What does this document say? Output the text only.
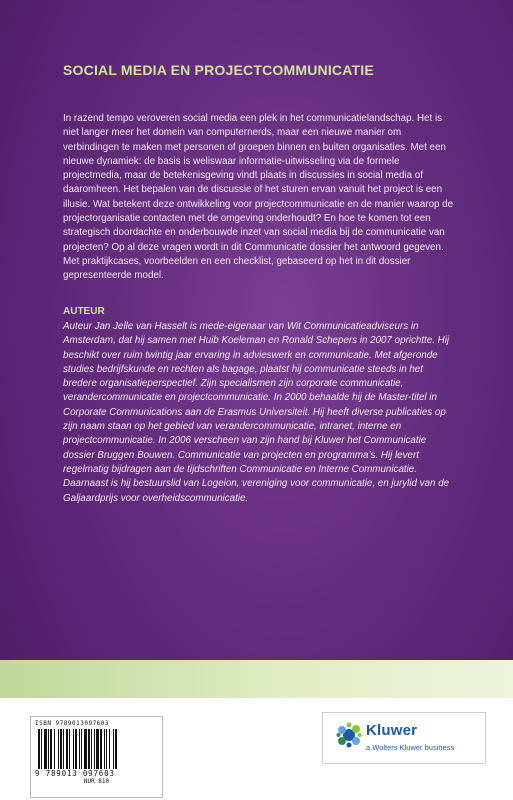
SOCIAL MEDIA EN PROJECTCOMMUNICATIE

In razend tempo veroveren social media een plek in het communicatielandschap. Het is niet langer meer het domein van computernerds, maar een nieuwe manier om verbindingen te maken met personen of groepen binnen en buiten organisaties. Met een nieuwe dynamiek: de basis is weliswaar informatie-uitwisseling via de formele projectmedia, maar de betekenisgeving vindt plaats in discussies in social media of daaromheen. Het bepalen van de discussie of het sturen ervan vanuit het project is een illusie. Wat betekent deze ontwikkeling voor projectcommunicatie en de manier waarop de projectorganisatie contacten met de omgeving onderhoudt? En hoe te komen tot een strategisch doordachte en onderbouwde inzet van social media bij de communicatie van projecten? Op al deze vragen wordt in dit Communicatie dossier het antwoord gegeven. Met praktijkcases, voorbeelden en een checklist, gebaseerd op het in dit dossier gepresenteerde model.

AUTEUR

Auteur Jan Jelle van Hasselt is mede-eigenaar van Wit Communicatieadviseurs in Amsterdam, dat hij samen met Huib Koeleman en Ronald Schepers in 2007 oprichtte. Hij beschikt over ruim twintig jaar ervaring in advieswerk en communicatie. Met afgeronde studies bedrijfskunde en rechten als bagage, plaatst hij communicatie steeds in het bredere organisatieperspectief. Zijn specialismen zijn corporate communicatie, verandercommunicatie en projectcommunicatie. In 2000 behaalde hij de Master-titel in Corporate Communications aan de Erasmus Universiteit. Hij heeft diverse publicaties op zijn naam staan op het gebied van verandercommunicatie, intranet, interne en projectcommunicatie. In 2006 verscheen van zijn hand bij Kluwer het Communicatie dossier Bruggen Bouwen. Communicatie van projecten en programma’s. Hij levert regelmatig bijdragen aan de tijdschriften Communicatie en Interne Communicatie. Daarnaast is hij bestuurslid van Logeion, vereniging voor communicatie, en jurylid van de Galjaardprijs voor overheidscommunicatie.

ISBN 9789013097603
9 789013 097603
NUR 810
Kluwer
a Wolters Kluwer business
